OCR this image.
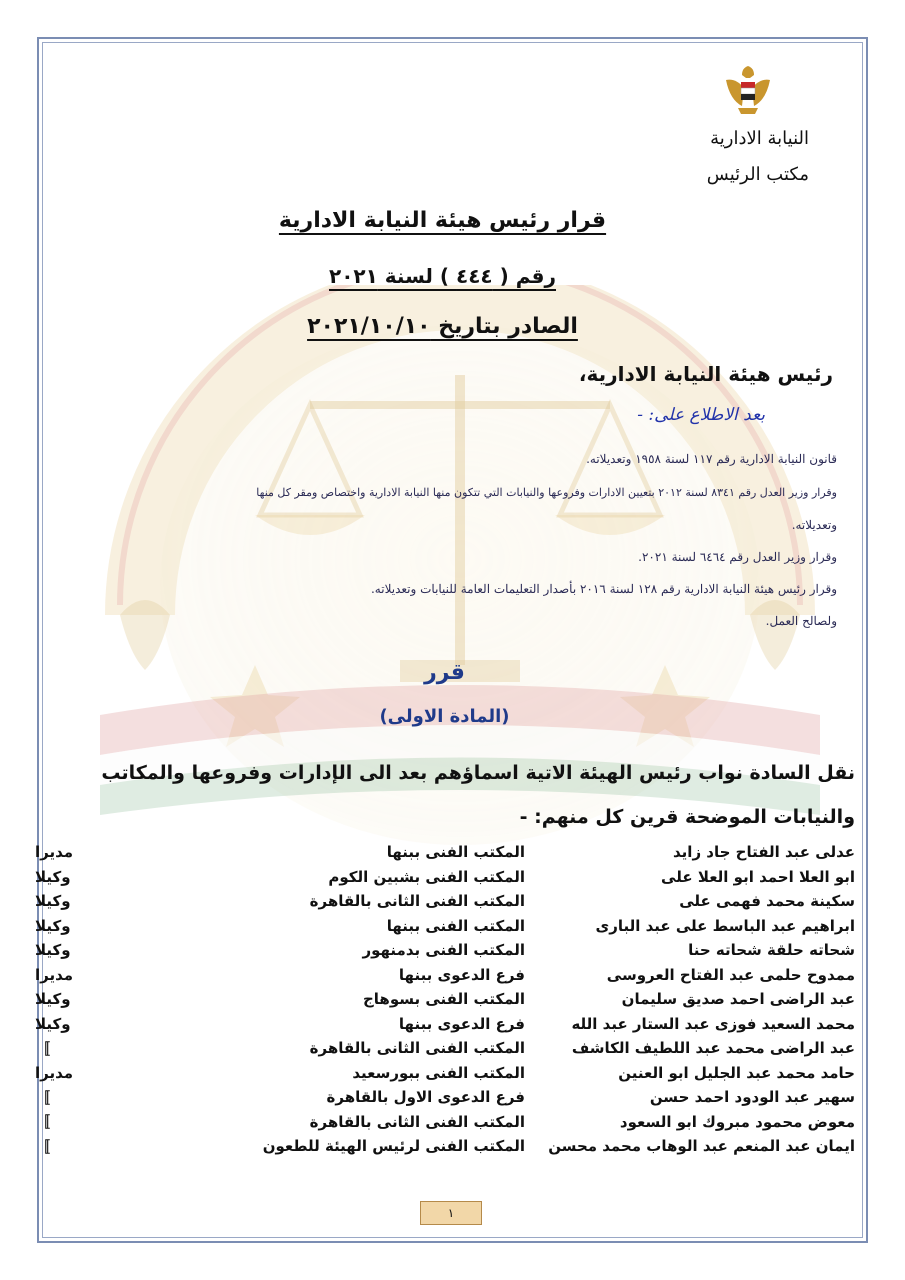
النيابة الادارية
مكتب الرئيس
قرار رئيس هيئة النيابة الادارية
رقم ( ٤٤٤ ) لسنة ٢٠٢١
الصادر بتاريخ ٢٠٢١/١٠/١٠
رئيس هيئة النيابة الادارية،
بعد الاطلاع على: -
قانون النيابة الادارية رقم ١١٧ لسنة ١٩٥٨ وتعديلاته.
وقرار وزير العدل رقم ٨٣٤١ لسنة ٢٠١٢ بتعيين الادارات وفروعها والنيابات التي تتكون منها النيابة الادارية واختصاص ومقر كل منها
وتعديلاته.
وقرار وزير العدل رقم ٦٤٦٤ لسنة ٢٠٢١.
وقرار رئيس هيئة النيابة الادارية رقم ١٢٨ لسنة ٢٠١٦ بأصدار التعليمات العامة للنيابات وتعديلاته.
ولصالح العمل.
قرر
(المادة الاولى)
نقل السادة نواب رئيس الهيئة الاتية اسماؤهم بعد الى الإدارات وفروعها والمكاتب
والنيابات الموضحة قرين كل منهم: -
عدلى عبد الفتاح جاد زايد	المكتب الفنى ببنها	مديرا
ابو العلا احمد ابو العلا على	المكتب الفنى بشبين الكوم	وكيلا
سكينة محمد فهمى على	المكتب الفنى الثانى بالقاهرة	وكيلا
ابراهيم عبد الباسط على عبد البارى	المكتب الفنى ببنها	وكيلا
شحاته حلقة شحاته حنا	المكتب الفنى بدمنهور	وكيلا
ممدوح حلمى عبد الفتاح العروسى	فرع الدعوى ببنها	مديرا
عبد الراضى احمد صديق سليمان	المكتب الفنى بسوهاج	وكيلا
محمد السعيد فوزى عبد الستار عبد الله	فرع الدعوى ببنها	وكيلا
عبد الراضى محمد عبد اللطيف الكاشف	المكتب الفنى الثانى بالقاهرة	〛
حامد محمد عبد الجليل ابو العنين	المكتب الفنى ببورسعيد	مديرا
سهير عبد الودود احمد حسن	فرع الدعوى الاول بالقاهرة	〛
معوض محمود مبروك ابو السعود	المكتب الفنى الثانى بالقاهرة	〛
ايمان عبد المنعم عبد الوهاب محمد محسن	المكتب الفنى لرئيس الهيئة للطعون	〛
١
